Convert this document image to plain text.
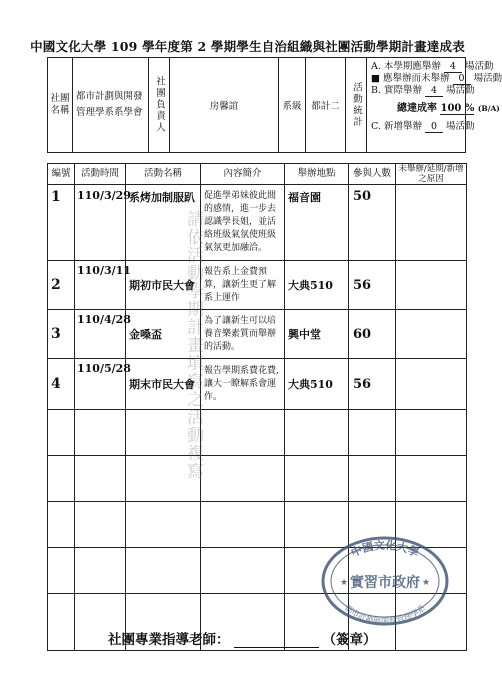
中國文化大學 109 學年度第 2 學期學生自治組織與社團活動學期計畫達成表
社團
名稱
都市計劃與開發管理學系系學會	社團負責人	房馨誼	系級 都計二 活動統計
A. 本學期應舉辦 4 場活動
■ 應舉辦而未舉辦 0 場活動
B. 實際舉辦 4 場活動
總達成率 100 % (B/A)
C. 新增舉辦 0 場活動
編號	活動時間	活動名稱	內容簡介	舉辦地點	參與人數	未舉辦/延期/新增之原因
1	110/3/29	系烤加制服趴	促進學弟妹彼此間的感情，進一步去認識學長姐，並活絡班級氣氛使班級氣氛更加融洽。	福音園	50	
2	110/3/11	期初市民大會	報告系上金費預算，讓新生更了解系上運作	大典510	56	
3	110/4/28	金嗓盃	為了讓新生可以培養音樂素質而舉辦的活動。	興中堂	60	
4	110/5/28	期末市民大會	報告學期系費花費,讓大一瞭解系會運作。	大典510	56	

請依活動學期計畫填寫之活動複寫
中國文化大學
實習市政府
都市計劃與開發管理學系
★	★
社團專業指導老師：	（簽章）
